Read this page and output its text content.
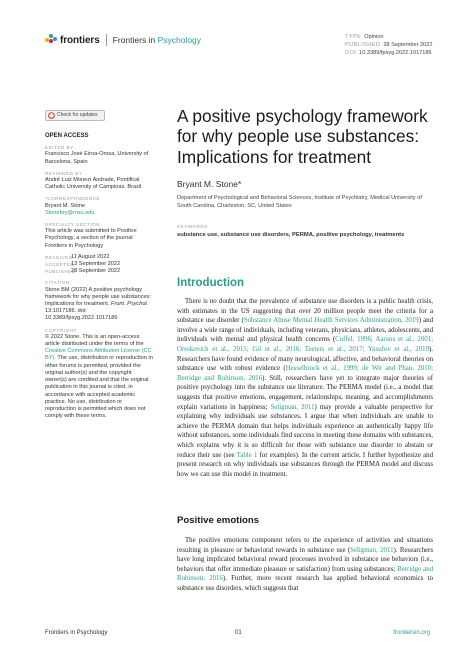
frontiers Frontiers in Psychology	TYPE Opinion
PUBLISHED 28 September 2022
DOI 10.3389/fpsyg.2022.1017186
Check for updates
OPEN ACCESS
EDITED BY
Francisco José Eiroa-Orosa, University of Barcelona, Spain
REVIEWED BY
André Luiz Monezi Andrade, Pontifical Catholic University of Campinas, Brazil
*CORRESPONDENCE
Bryant M. Stone
Stonebry@msu.edu
SPECIALTY SECTION
This article was submitted to Positive Psychology, a section of the journal Frontiers in Psychology
RECEIVED
11 August 2022
ACCEPTED
13 September 2022
PUBLISHED
28 September 2022
CITATION
Stone BM (2022) A positive psychology framework for why people use substances: Implications for treatment. Front. Psychol. 13:1017186. doi: 10.3389/fpsyg.2022.1017186
COPYRIGHT
© 2022 Stone. This is an open-access article distributed under the terms of the Creative Commons Attribution License (CC BY). The use, distribution or reproduction in other forums is permitted, provided the original author(s) and the copyright owner(s) are credited and that the original publication in this journal is cited, in accordance with accepted academic practice. No use, distribution or reproduction is permitted which does not comply with these terms.
A positive psychology framework for why people use substances: Implications for treatment
Bryant M. Stone*
Department of Psychological and Behavioral Sciences, Institute of Psychiatry, Medical University of South Carolina, Charleston, SC, United States
KEYWORDS
substance use, substance use disorders, PERMA, positive psychology, treatments
Introduction

There is no doubt that the prevalence of substance use disorders is a public health crisis, with estimates in the US suggesting that over 20 million people meet the criteria for a substance use disorder (Substance Abuse Mental Health Services Administration, 2019) and involve a wide range of individuals, including veterans, physicians, athletes, adolescents, and individuals with mental and physical health concerns (Cuffel, 1996; Aarons et al., 2001; Oreskovich et al., 2015; Gil et al., 2016; Teeters et al., 2017; Yusufov et al., 2019). Researchers have found evidence of many neurological, affective, and behavioral theories on substance use with robust evidence (Hesselbrock et al., 1999; de Wit and Phan, 2010; Berridge and Robinson, 2016). Still, researchers have yet to integrate major theories of positive psychology into the substance use literature. The PERMA model (i.e., a model that suggests that positive emotions, engagement, relationships, meaning, and accomplishments explain variations in happiness; Seligman, 2011) may provide a valuable perspective for explaining why individuals use substances. I argue that when individuals are unable to achieve the PERMA domain that helps individuals experience an authentically happy life without substances, some individuals find success in meeting these domains with substances, which explains why it is so difficult for those with substance use disorder to abstain or reduce their use (see Table 1 for examples). In the current article, I further hypothesize and present research on why individuals use substances through the PERMA model and discuss how we can use this model in treatment.

Positive emotions

The positive emotions component refers to the experience of activities and situations resulting in pleasure or behavioral rewards in substance use (Seligman, 2011). Researchers have long implicated behavioral reward processes involved in substance use behaviors (i.e., behaviors that offer immediate pleasure or satisfaction) from using substances; Berridge and Robinson, 2016). Further, more recent research has applied behavioral economics to substance use disorders, which suggests that

Frontiers in Psychology	01	frontiersin.org
